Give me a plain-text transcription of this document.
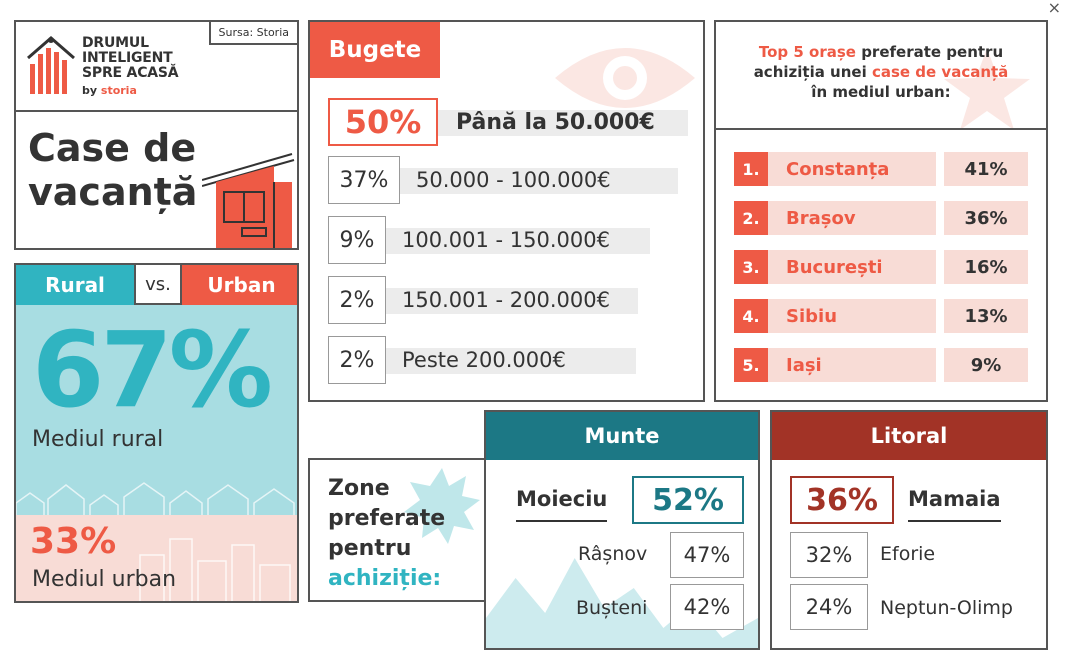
×
DRUMUL
INTELIGENT
SPRE ACASĂ
by storia
Sursa: Storia
Case de
vacanță
Rural	vs.	Urban
67%
Mediul rural
33%
Mediul urban
Bugete
50%	Până la 50.000€
37%	50.000 - 100.000€
9%	100.001 - 150.000€
2%	150.001 - 200.000€
2%	Peste 200.000€
Top 5 orașe preferate pentru
achiziția unei case de vacanță
în mediul urban:
1.	Constanța	41%
2.	Brașov	36%
3.	București	16%
4.	Sibiu	13%
5.	Iași	9%
Zone
preferate
pentru
achiziție:
Munte
Moieciu	52%
Râșnov	47%
Bușteni	42%
Litoral
36%	Mamaia
32%	Eforie
24%	Neptun-Olimp
